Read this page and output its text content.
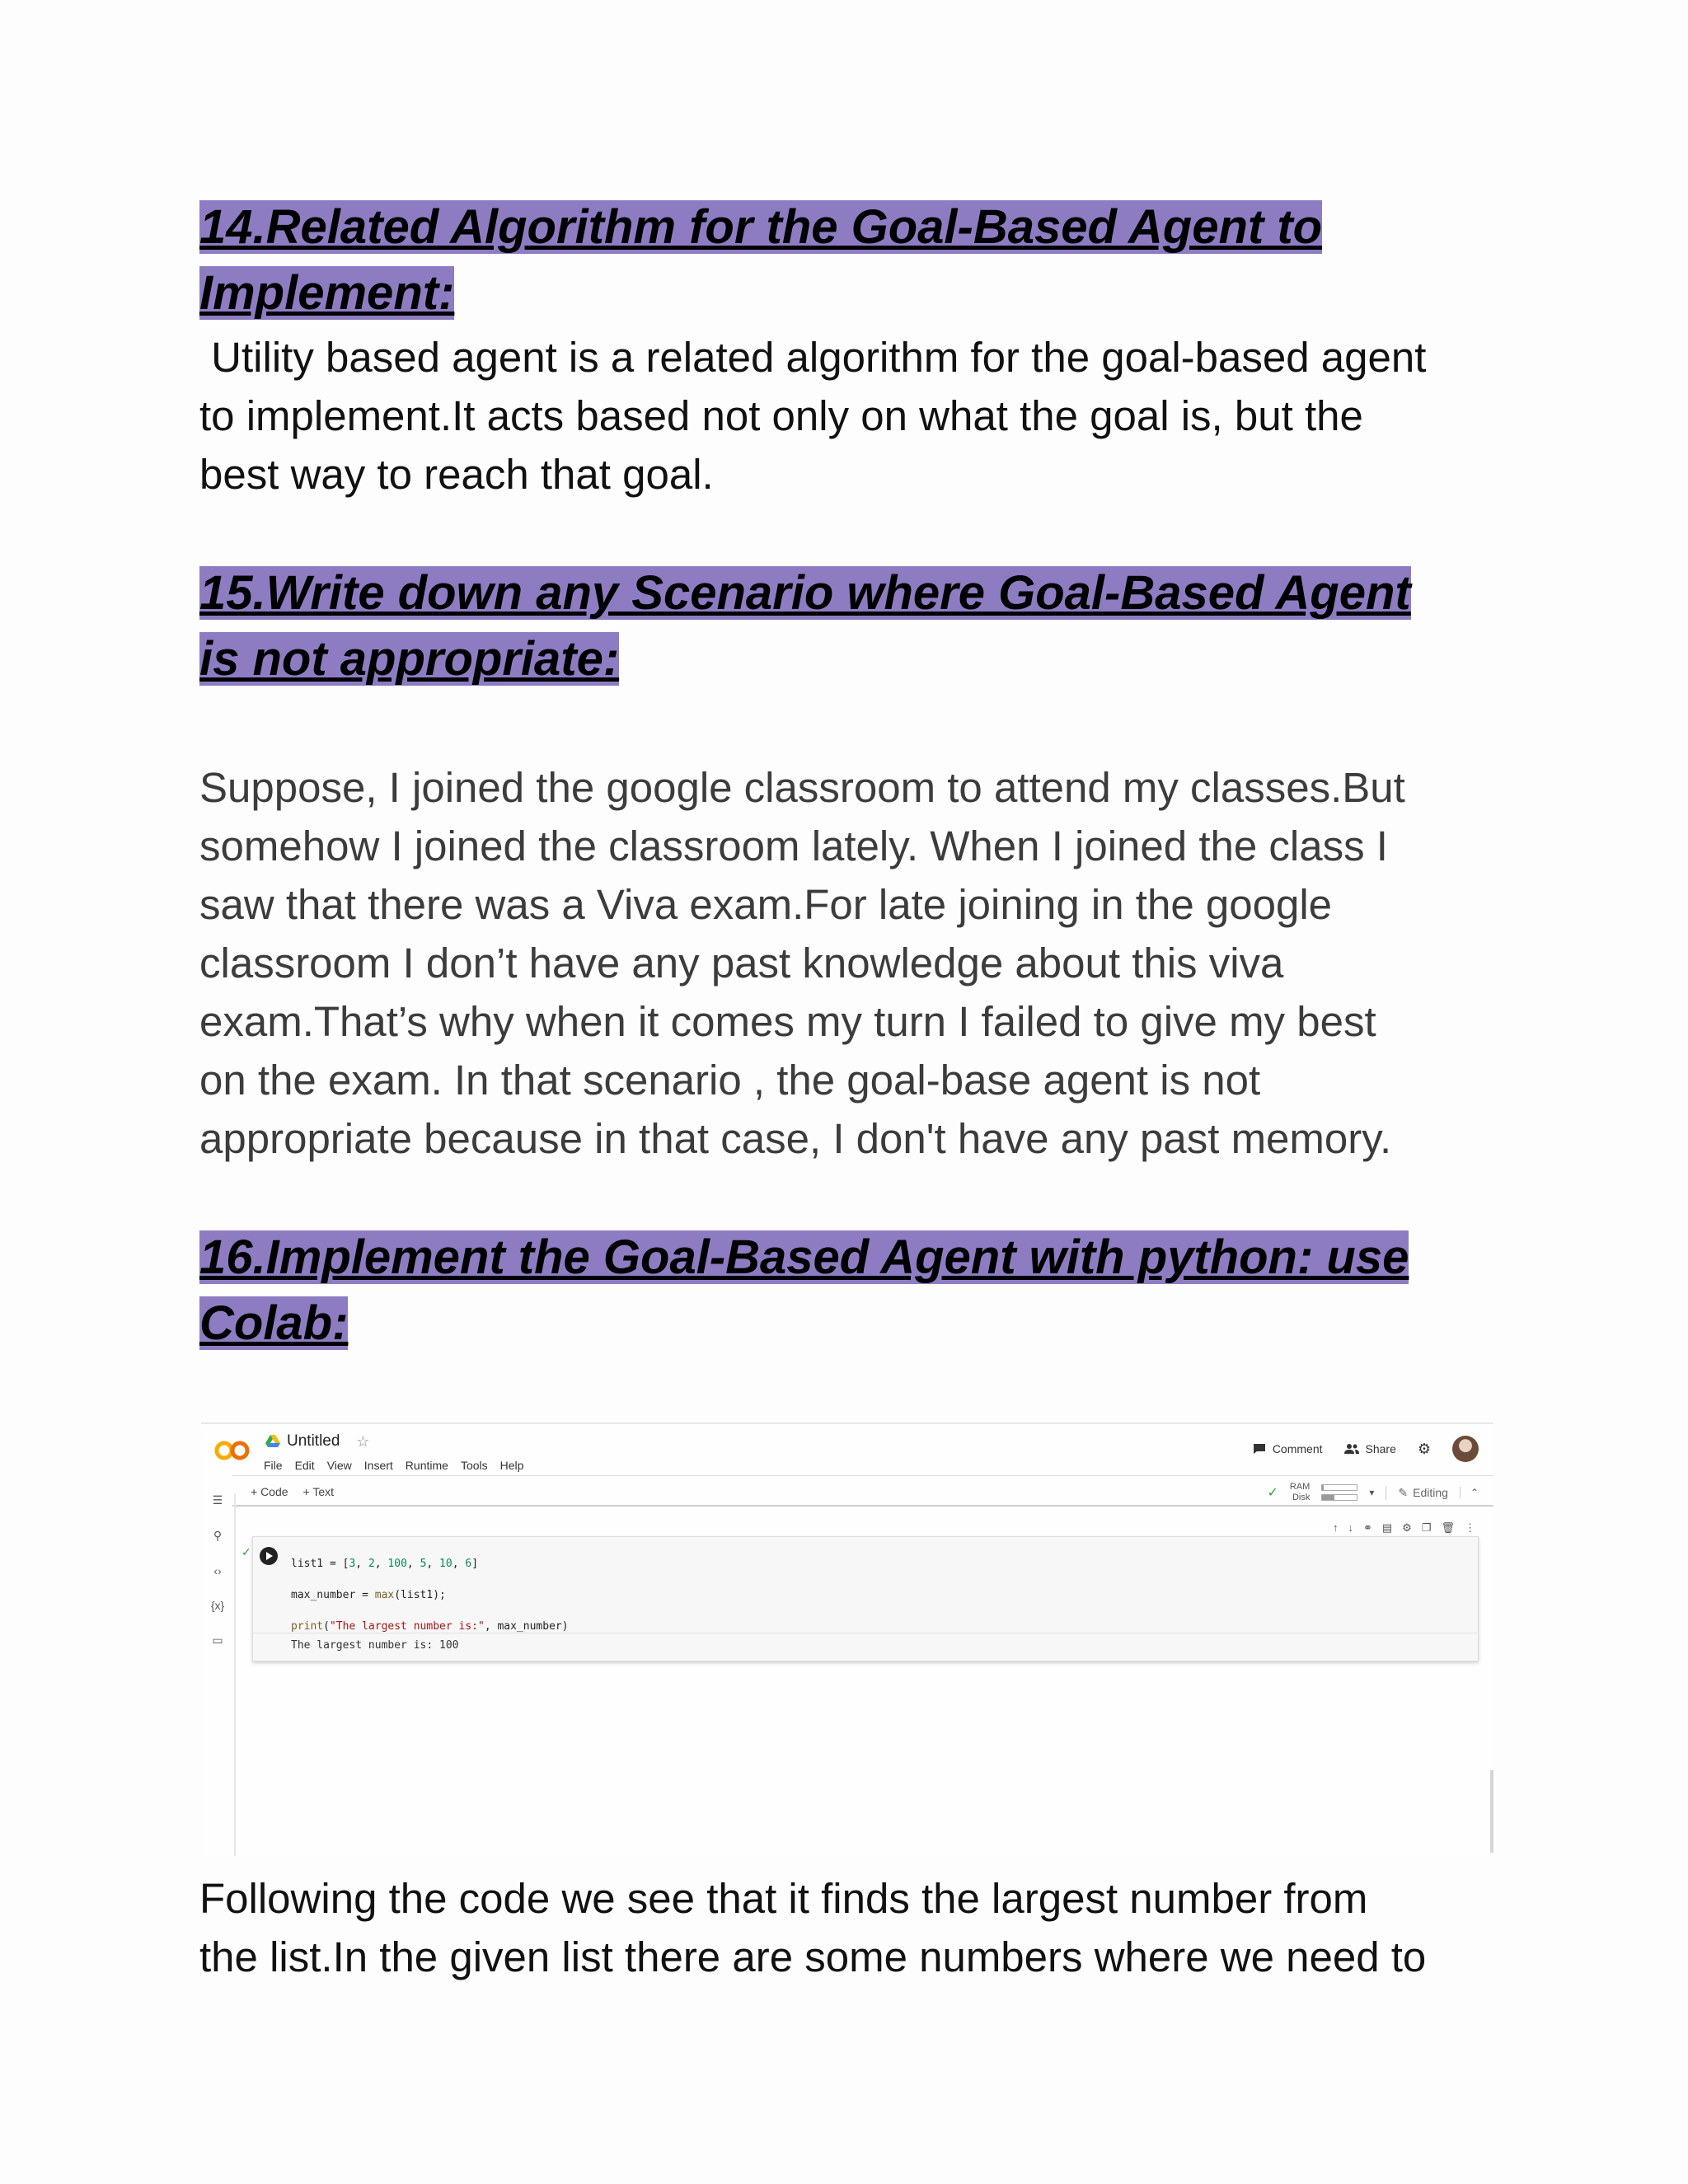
14.Related Algorithm for the Goal-Based Agent to
Implement:

Utility based agent is a related algorithm for the goal-based agent
to implement.It acts based not only on what the goal is, but the
best way to reach that goal.

15.Write down any Scenario where Goal-Based Agent
is not appropriate:

Suppose, I joined the google classroom to attend my classes.But
somehow I joined the classroom lately. When I joined the class I
saw that there was a Viva exam.For late joining in the google
classroom I don’t have any past knowledge about this viva
exam.That’s why when it comes my turn I failed to give my best
on the exam. In that scenario , the goal-base agent is not
appropriate because in that case, I don't have any past memory.

16.Implement the Goal-Based Agent with python: use
Colab:
Untitled ☆
File Edit View Insert Runtime Tools Help
Comment	Share ⚙
+ Code + Text	✓ RAM
Disk	▾ ✎ Editing	⌃
☰
⚲
‹›
{x}
▭
↑ ↓ ⚭ ▤ ⚙ ❐ 🗑 ⋮
✓
list1 = [3, 2, 100, 5, 10, 6]
max_number = max(list1);
print("The largest number is:", max_number)
The largest number is: 100

Following the code we see that it finds the largest number from
the list.In the given list there are some numbers where we need to
